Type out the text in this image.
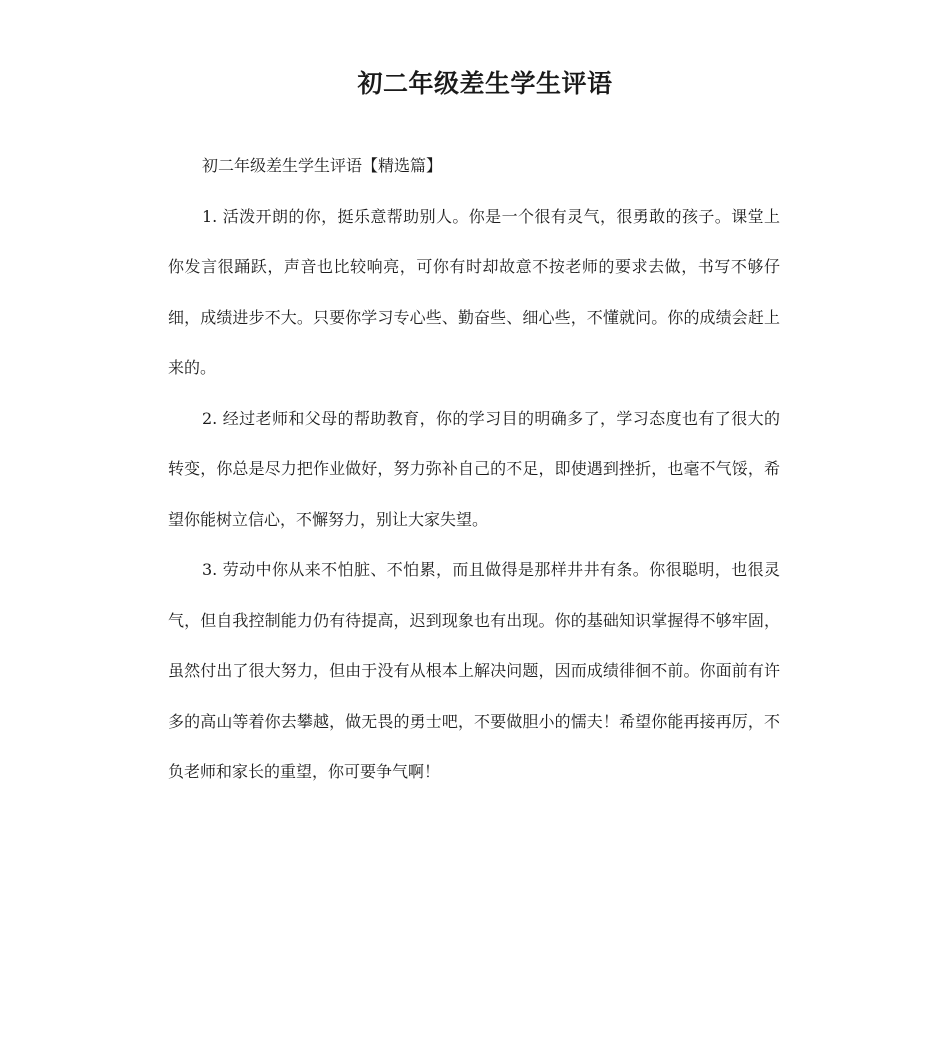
初二年级差生学生评语

初二年级差生学生评语【精选篇】

1. 活泼开朗的你，挺乐意帮助别人。你是一个很有灵气，很勇敢的孩子。课堂上你发言很踊跃，声音也比较响亮，可你有时却故意不按老师的要求去做，书写不够仔细，成绩进步不大。只要你学习专心些、勤奋些、细心些，不懂就问。你的成绩会赶上来的。

2. 经过老师和父母的帮助教育，你的学习目的明确多了，学习态度也有了很大的转变，你总是尽力把作业做好，努力弥补自己的不足，即使遇到挫折，也毫不气馁，希望你能树立信心，不懈努力，别让大家失望。

3. 劳动中你从来不怕脏、不怕累，而且做得是那样井井有条。你很聪明，也很灵气，但自我控制能力仍有待提高，迟到现象也有出现。你的基础知识掌握得不够牢固，虽然付出了很大努力，但由于没有从根本上解决问题，因而成绩徘徊不前。你面前有许多的高山等着你去攀越，做无畏的勇士吧，不要做胆小的懦夫！希望你能再接再厉，不负老师和家长的重望，你可要争气啊！
